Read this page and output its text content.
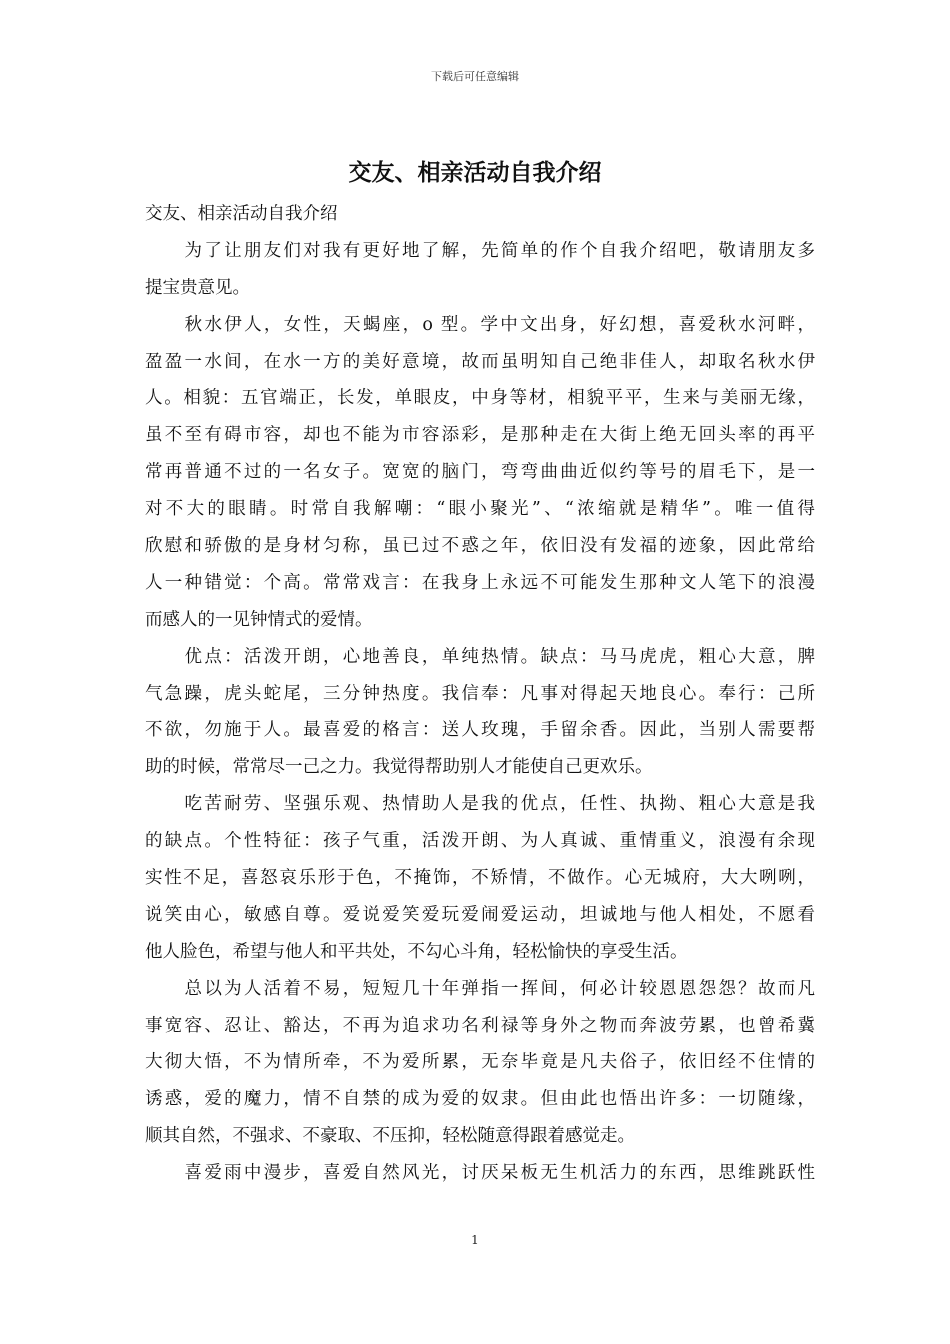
下载后可任意编辑
交友、相亲活动自我介绍
交友、相亲活动自我介绍
　　为了让朋友们对我有更好地了解，先简单的作个自我介绍吧，敬请朋友多
提宝贵意见。
　　秋水伊人，女性，天蝎座，o 型。学中文出身，好幻想，喜爱秋水河畔，
盈盈一水间，在水一方的美好意境，故而虽明知自己绝非佳人，却取名秋水伊
人。相貌：五官端正，长发，单眼皮，中身等材，相貌平平，生来与美丽无缘，
虽不至有碍市容，却也不能为市容添彩，是那种走在大街上绝无回头率的再平
常再普通不过的一名女子。宽宽的脑门，弯弯曲曲近似约等号的眉毛下，是一
对不大的眼睛。时常自我解嘲：“眼小聚光”、“浓缩就是精华”。唯一值得
欣慰和骄傲的是身材匀称，虽已过不惑之年，依旧没有发福的迹象，因此常给
人一种错觉：个高。常常戏言：在我身上永远不可能发生那种文人笔下的浪漫
而感人的一见钟情式的爱情。
　　优点：活泼开朗，心地善良，单纯热情。缺点：马马虎虎，粗心大意，脾
气急躁，虎头蛇尾，三分钟热度。我信奉：凡事对得起天地良心。奉行：己所
不欲，勿施于人。最喜爱的格言：送人玫瑰，手留余香。因此，当别人需要帮
助的时候，常常尽一己之力。我觉得帮助别人才能使自己更欢乐。
　　吃苦耐劳、坚强乐观、热情助人是我的优点，任性、执拗、粗心大意是我
的缺点。个性特征：孩子气重，活泼开朗、为人真诚、重情重义，浪漫有余现
实性不足，喜怒哀乐形于色，不掩饰，不矫情，不做作。心无城府，大大咧咧，
说笑由心，敏感自尊。爱说爱笑爱玩爱闹爱运动，坦诚地与他人相处，不愿看
他人脸色，希望与他人和平共处，不勾心斗角，轻松愉快的享受生活。
　　总以为人活着不易，短短几十年弹指一挥间，何必计较恩恩怨怨？故而凡
事宽容、忍让、豁达，不再为追求功名利禄等身外之物而奔波劳累，也曾希冀
大彻大悟，不为情所牵，不为爱所累，无奈毕竟是凡夫俗子，依旧经不住情的
诱惑，爱的魔力，情不自禁的成为爱的奴隶。但由此也悟出许多：一切随缘，
顺其自然，不强求、不豪取、不压抑，轻松随意得跟着感觉走。
　　喜爱雨中漫步，喜爱自然风光，讨厌呆板无生机活力的东西，思维跳跃性
1
